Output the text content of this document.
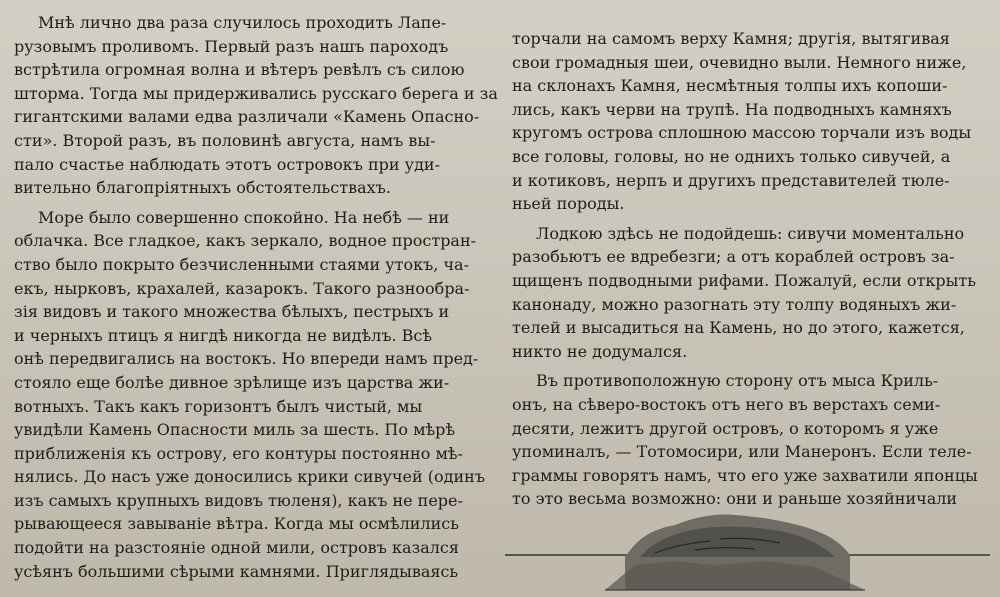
Мнѣ лично два раза случилось проходить Лапе-
рузовымъ проливомъ. Первый разъ нашъ пароходъ
встрѣтила огромная волна и вѣтеръ ревѣлъ съ силою
шторма. Тогда мы придерживались русскаго берега и за
гигантскими валами едва различали «Камень Опасно-
сти». Второй разъ, въ половинѣ августа, намъ вы-
пало счастье наблюдать этотъ островокъ при уди-
вительно благопріятныхъ обстоятельствахъ.

Море было совершенно спокойно. На небѣ — ни
облачка. Все гладкое, какъ зеркало, водное простран-
ство было покрыто безчисленными стаями утокъ, ча-
екъ, нырковъ, крахалей, казарокъ. Такого разнообра-
зія видовъ и такого множества бѣлыхъ, пестрыхъ и
и черныхъ птицъ я нигдѣ никогда не видѣлъ. Всѣ
онѣ передвигались на востокъ. Но впереди намъ пред-
стояло еще болѣе дивное зрѣлище изъ царства жи-
вотныхъ. Такъ какъ горизонтъ былъ чистый, мы
увидѣли Камень Опасности миль за шесть. По мѣрѣ
приближенія къ острову, его контуры постоянно мѣ-
нялись. До насъ уже доносились крики сивучей (одинъ
изъ самыхъ крупныхъ видовъ тюленя), какъ не пере-
рывающееся завываніе вѣтра. Когда мы осмѣлились
подойти на разстояніе одной мили, островъ казался
усѣянъ большими сѣрыми камнями. Приглядываясь

торчали на самомъ верху Камня; другія, вытягивая
свои громадныя шеи, очевидно выли. Немного ниже,
на склонахъ Камня, несмѣтныя толпы ихъ копоши-
лись, какъ черви на трупѣ. На подводныхъ камняхъ
кругомъ острова сплошною массою торчали изъ воды
все головы, головы, но не однихъ только сивучей, а
и котиковъ, нерпъ и другихъ представителей тюле-
ньей породы.

Лодкою здѣсь не подойдешь: сивучи моментально
разобьютъ ее вдребезги; а отъ кораблей островъ за-
щищенъ подводными рифами. Пожалуй, если открыть
канонаду, можно разогнать эту толпу водяныхъ жи-
телей и высадиться на Камень, но до этого, кажется,
никто не додумался.

Въ противоположную сторону отъ мыса Криль-
онъ, на сѣверо-востокъ отъ него въ верстахъ семи-
десяти, лежитъ другой островъ, о которомъ я уже
упоминалъ, — Тотомосири, или Манеронъ. Если теле-
граммы говорятъ намъ, что его уже захватили японцы
то это весьма возможно: они и раньше хозяйничали
